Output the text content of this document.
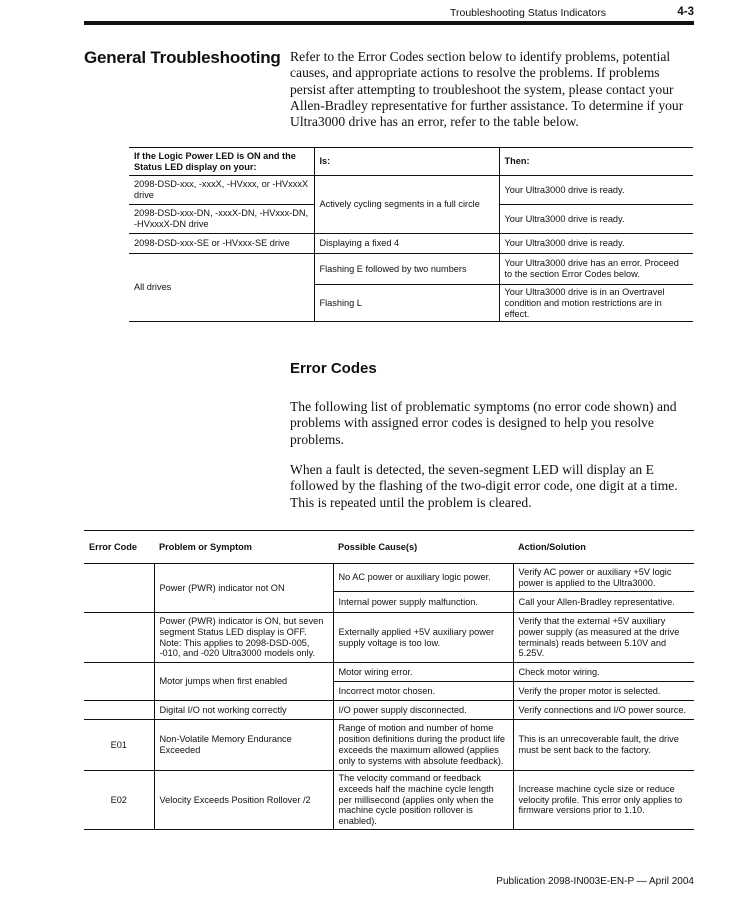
Troubleshooting Status Indicators	4-3
General Troubleshooting Refer to the Error Codes section below to identify problems, potential causes, and appropriate actions to resolve the problems. If problems persist after attempting to troubleshoot the system, please contact your Allen-Bradley representative for further assistance. To determine if your Ultra3000 drive has an error, refer to the table below.
If the Logic Power LED is ON and the Status LED display on your:	Is:	Then:
2098-DSD-xxx, -xxxX, -HVxxx, or -HVxxxX drive	Actively cycling segments in a full circle	Your Ultra3000 drive is ready.
2098-DSD-xxx-DN, -xxxX-DN, -HVxxx-DN, -HVxxxX-DN drive		Your Ultra3000 drive is ready.
2098-DSD-xxx-SE or -HVxxx-SE drive	Displaying a fixed 4	Your Ultra3000 drive is ready.
All drives	Flashing E followed by two numbers	Your Ultra3000 drive has an error. Proceed to the section Error Codes below.
	Flashing L	Your Ultra3000 drive is in an Overtravel condition and motion restrictions are in effect.
Error Codes
The following list of problematic symptoms (no error code shown) and problems with assigned error codes is designed to help you resolve problems.
When a fault is detected, the seven-segment LED will display an E followed by the flashing of the two-digit error code, one digit at a time. This is repeated until the problem is cleared.
Error Code	Problem or Symptom	Possible Cause(s)	Action/Solution
	Power (PWR) indicator not ON	No AC power or auxiliary logic power.	Verify AC power or auxiliary +5V logic power is applied to the Ultra3000.
		Internal power supply malfunction.	Call your Allen-Bradley representative.
	Power (PWR) indicator is ON, but seven segment Status LED display is OFF. Note: This applies to 2098-DSD-005, -010, and -020 Ultra3000 models only.	Externally applied +5V auxiliary power supply voltage is too low.	Verify that the external +5V auxiliary power supply (as measured at the drive terminals) reads between 5.10V and 5.25V.
	Motor jumps when first enabled	Motor wiring error.	Check motor wiring.
		Incorrect motor chosen.	Verify the proper motor is selected.
	Digital I/O not working correctly	I/O power supply disconnected.	Verify connections and I/O power source.
E01	Non-Volatile Memory Endurance Exceeded	Range of motion and number of home position definitions during the product life exceeds the maximum allowed (applies only to systems with absolute feedback).	This is an unrecoverable fault, the drive must be sent back to the factory.
E02	Velocity Exceeds Position Rollover /2	The velocity command or feedback exceeds half the machine cycle length per millisecond (applies only when the machine cycle position rollover is enabled).	Increase machine cycle size or reduce velocity profile. This error only applies to firmware versions prior to 1.10.
Publication 2098-IN003E-EN-P — April 2004
